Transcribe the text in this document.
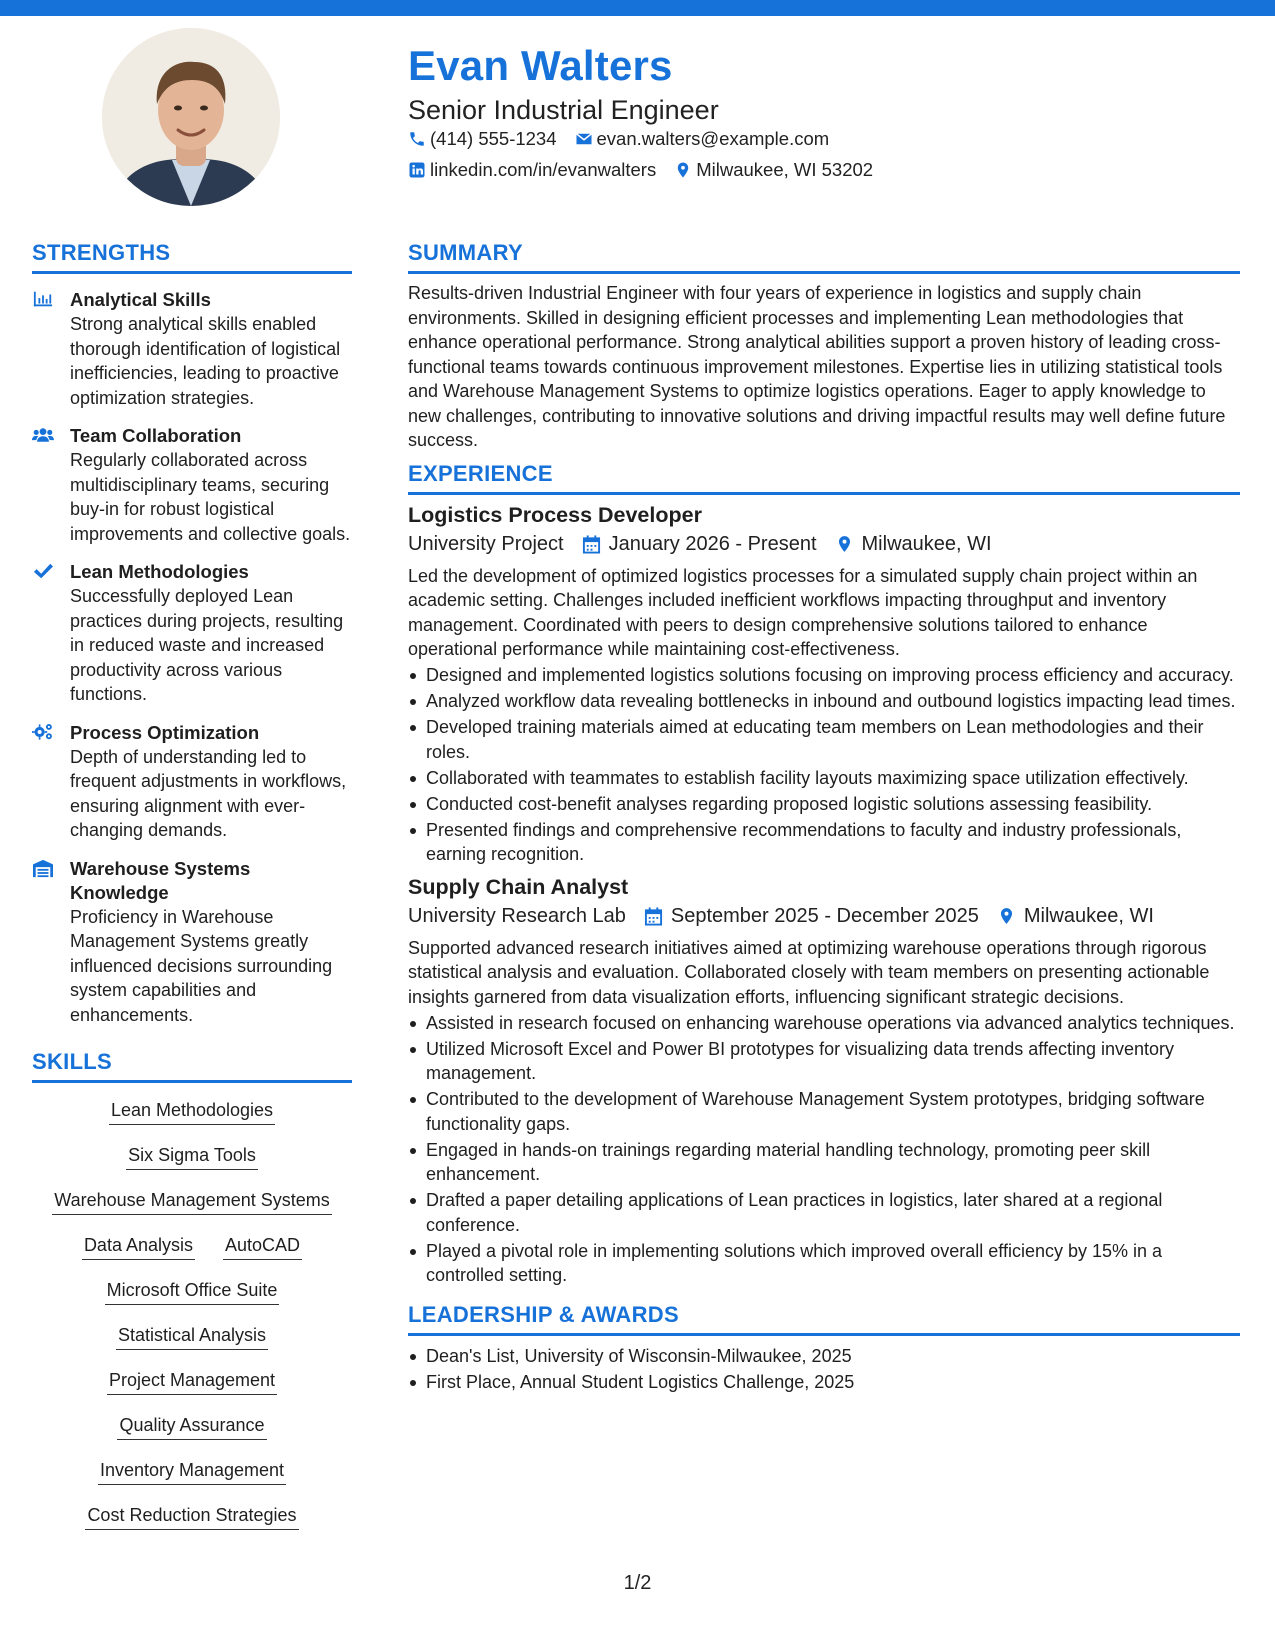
Evan Walters
Senior Industrial Engineer
(414) 555-1234 evan.walters@example.com
linkedin.com/in/evanwalters Milwaukee, WI 53202
STRENGTHS
Analytical Skills
Strong analytical skills enabled thorough identification of logistical inefficiencies, leading to proactive optimization strategies.
Team Collaboration
Regularly collaborated across multidisciplinary teams, securing buy-in for robust logistical improvements and collective goals.
Lean Methodologies
Successfully deployed Lean practices during projects, resulting in reduced waste and increased productivity across various functions.
Process Optimization
Depth of understanding led to frequent adjustments in workflows, ensuring alignment with ever-changing demands.
Warehouse Systems Knowledge
Proficiency in Warehouse Management Systems greatly influenced decisions surrounding system capabilities and enhancements.
SKILLS
Lean Methodologies
Six Sigma Tools
Warehouse Management Systems
Data Analysis AutoCAD
Microsoft Office Suite
Statistical Analysis
Project Management
Quality Assurance
Inventory Management
Cost Reduction Strategies
SUMMARY
Results-driven Industrial Engineer with four years of experience in logistics and supply chain environments. Skilled in designing efficient processes and implementing Lean methodologies that enhance operational performance. Strong analytical abilities support a proven history of leading cross-functional teams towards continuous improvement milestones. Expertise lies in utilizing statistical tools and Warehouse Management Systems to optimize logistics operations. Eager to apply knowledge to new challenges, contributing to innovative solutions and driving impactful results may well define future success.
EXPERIENCE
Logistics Process Developer
University Project January 2026 - Present Milwaukee, WI
Led the development of optimized logistics processes for a simulated supply chain project within an academic setting. Challenges included inefficient workflows impacting throughput and inventory management. Coordinated with peers to design comprehensive solutions tailored to enhance operational performance while maintaining cost-effectiveness.
Designed and implemented logistics solutions focusing on improving process efficiency and accuracy.
Analyzed workflow data revealing bottlenecks in inbound and outbound logistics impacting lead times.
Developed training materials aimed at educating team members on Lean methodologies and their roles.
Collaborated with teammates to establish facility layouts maximizing space utilization effectively.
Conducted cost-benefit analyses regarding proposed logistic solutions assessing feasibility.
Presented findings and comprehensive recommendations to faculty and industry professionals, earning recognition.
Supply Chain Analyst
University Research Lab September 2025 - December 2025 Milwaukee, WI
Supported advanced research initiatives aimed at optimizing warehouse operations through rigorous statistical analysis and evaluation. Collaborated closely with team members on presenting actionable insights garnered from data visualization efforts, influencing significant strategic decisions.
Assisted in research focused on enhancing warehouse operations via advanced analytics techniques.
Utilized Microsoft Excel and Power BI prototypes for visualizing data trends affecting inventory management.
Contributed to the development of Warehouse Management System prototypes, bridging software functionality gaps.
Engaged in hands-on trainings regarding material handling technology, promoting peer skill enhancement.
Drafted a paper detailing applications of Lean practices in logistics, later shared at a regional conference.
Played a pivotal role in implementing solutions which improved overall efficiency by 15% in a controlled setting.
LEADERSHIP & AWARDS
Dean's List, University of Wisconsin-Milwaukee, 2025
First Place, Annual Student Logistics Challenge, 2025
1/2
